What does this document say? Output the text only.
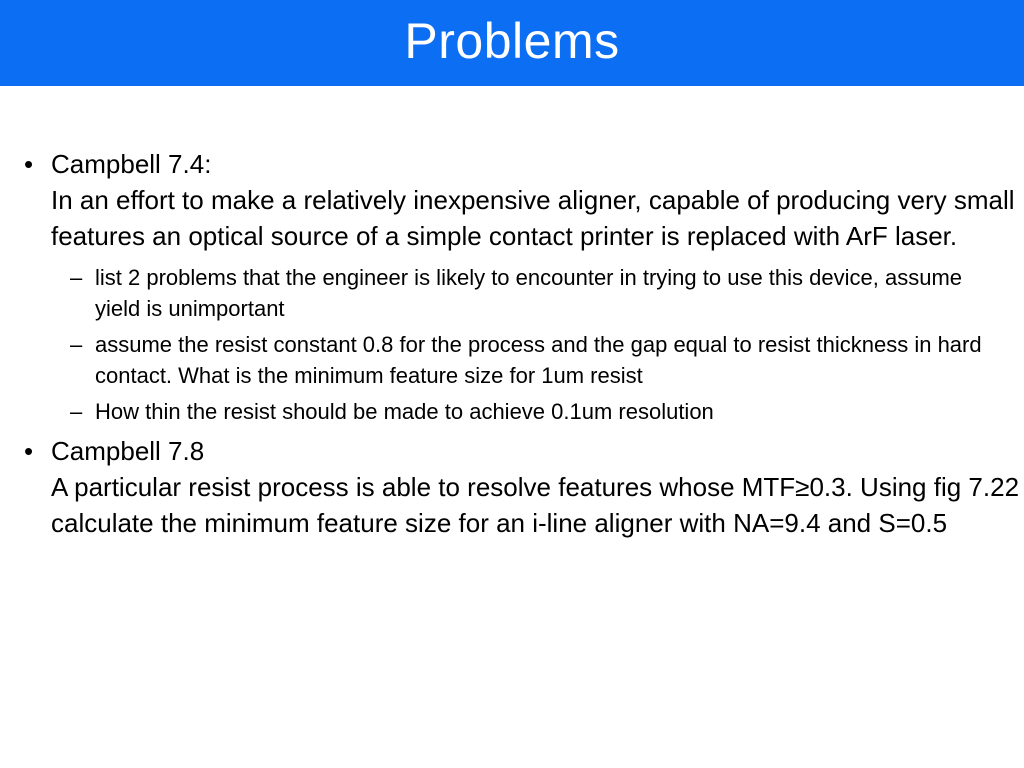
Problems
• Campbell 7.4:
In an effort to make a relatively inexpensive aligner, capable of producing very small features an optical source of a simple contact printer is replaced with ArF laser.
– list 2 problems that the engineer is likely to encounter in trying to use this device, assume yield is unimportant
– assume the resist constant 0.8 for the process and the gap equal to resist thickness in hard contact. What is the minimum feature size for 1um resist
– How thin the resist should be made to achieve 0.1um resolution
• Campbell 7.8
A particular resist process is able to resolve features whose MTF≥0.3. Using fig 7.22 calculate the minimum feature size for an i-line aligner with NA=9.4 and S=0.5
